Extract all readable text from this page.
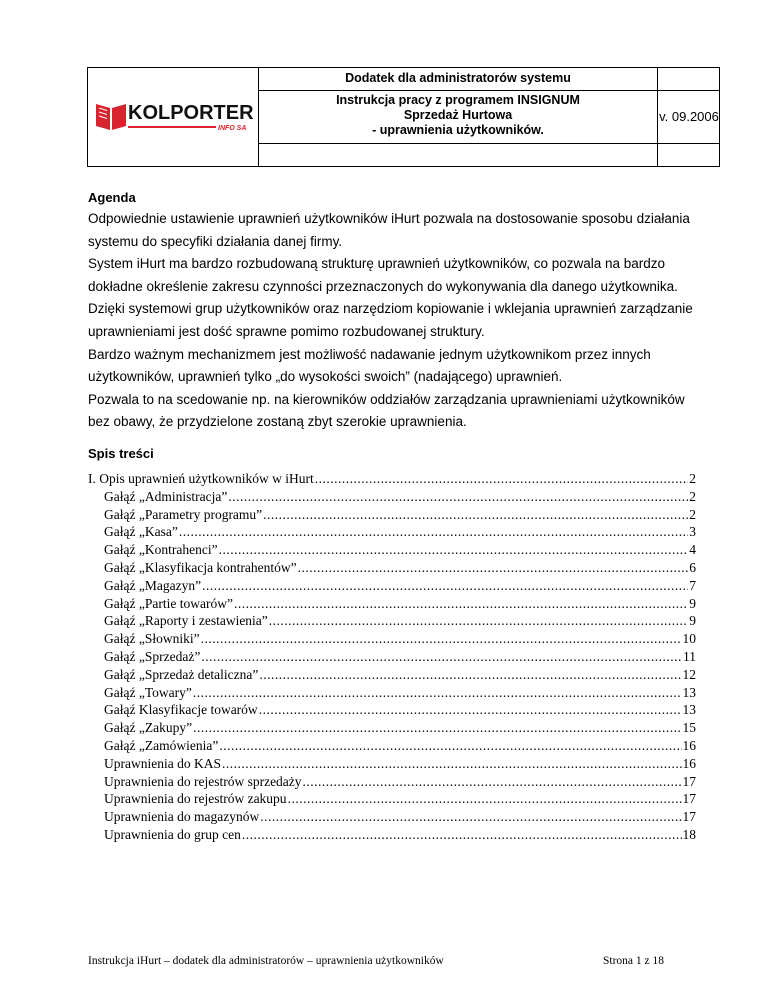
KOLPORTER
INFO SA
Dodatek dla administratorów systemu
Instrukcja pracy z programem INSIGNUM
Sprzedaż Hurtowa
- uprawnienia użytkowników.
v. 09.2006
Agenda

Odpowiednie ustawienie uprawnień użytkowników iHurt pozwala na dostosowanie sposobu działania systemu do specyfiki działania danej firmy.

System iHurt ma bardzo rozbudowaną strukturę uprawnień użytkowników, co pozwala na bardzo dokładne określenie zakresu czynności przeznaczonych do wykonywania dla danego użytkownika.

Dzięki systemowi grup użytkowników oraz narzędziom kopiowanie i wklejania uprawnień zarządzanie uprawnieniami jest dość sprawne pomimo rozbudowanej struktury.

Bardzo ważnym mechanizmem jest możliwość nadawanie jednym użytkownikom przez innych użytkowników, uprawnień tylko „do wysokości swoich” (nadającego) uprawnień.

Pozwala to na scedowanie np. na kierowników oddziałów zarządzania uprawnieniami użytkowników bez obawy, że przydzielone zostaną zbyt szerokie uprawnienia.

Spis treści
I. Opis uprawnień użytkowników w iHurt .....	2
Gałąź „Administracja” .....	2
Gałąź „Parametry programu” .....	2
Gałąź „Kasa” .....	3
Gałąź „Kontrahenci” .....	4
Gałąź „Klasyfikacja kontrahentów” .....	6
Gałąź „Magazyn” .....	7
Gałąź „Partie towarów” .....	9
Gałąź „Raporty i zestawienia” .....	9
Gałąź „Słowniki” .....	10
Gałąź „Sprzedaż” .....	11
Gałąź „Sprzedaż detaliczna” .....	12
Gałąź „Towary” .....	13
Gałąź Klasyfikacje towarów .....	13
Gałąź „Zakupy” .....	15
Gałąź „Zamówienia” .....	16
Uprawnienia do KAS .....	16
Uprawnienia do rejestrów sprzedaży .....	17
Uprawnienia do rejestrów zakupu .....	17
Uprawnienia do magazynów .....	17
Uprawnienia do grup cen .....	18
Instrukcja iHurt – dodatek dla administratorów – uprawnienia użytkowników	Strona 1 z 18
